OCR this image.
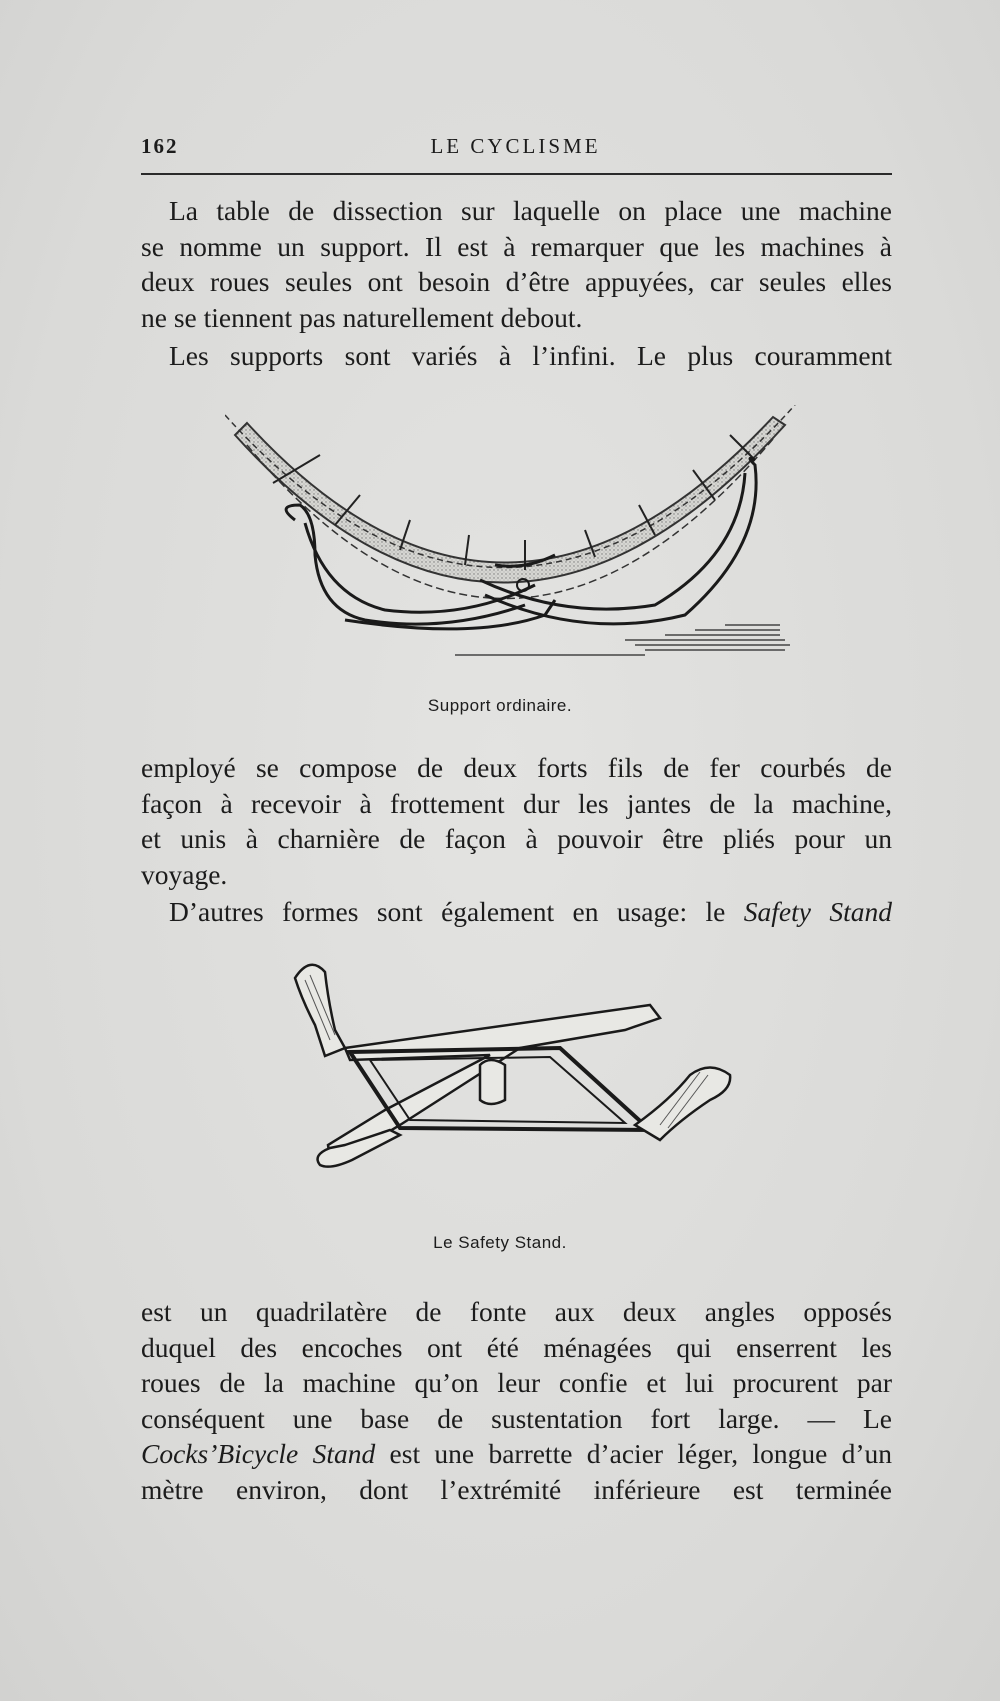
162	LE CYCLISME
La table de dissection sur laquelle on place une machine
se nomme un support. Il est à remarquer que les machines à
deux roues seules ont besoin d’être appuyées, car seules elles
ne se tiennent pas naturellement debout.
Les supports sont variés à l’infini. Le plus couramment
Support ordinaire.
employé se compose de deux forts fils de fer courbés de
façon à recevoir à frottement dur les jantes de la machine,
et unis à charnière de façon à pouvoir être pliés pour un
voyage.
D’autres formes sont également en usage: le Safety Stand
Le Safety Stand.
est un quadrilatère de fonte aux deux angles opposés
duquel des encoches ont été ménagées qui enserrent les
roues de la machine qu’on leur confie et lui procurent par
conséquent une base de sustentation fort large. — Le
Cocks’Bicycle Stand est une barrette d’acier léger, longue d’un
mètre environ, dont l’extrémité inférieure est terminée
